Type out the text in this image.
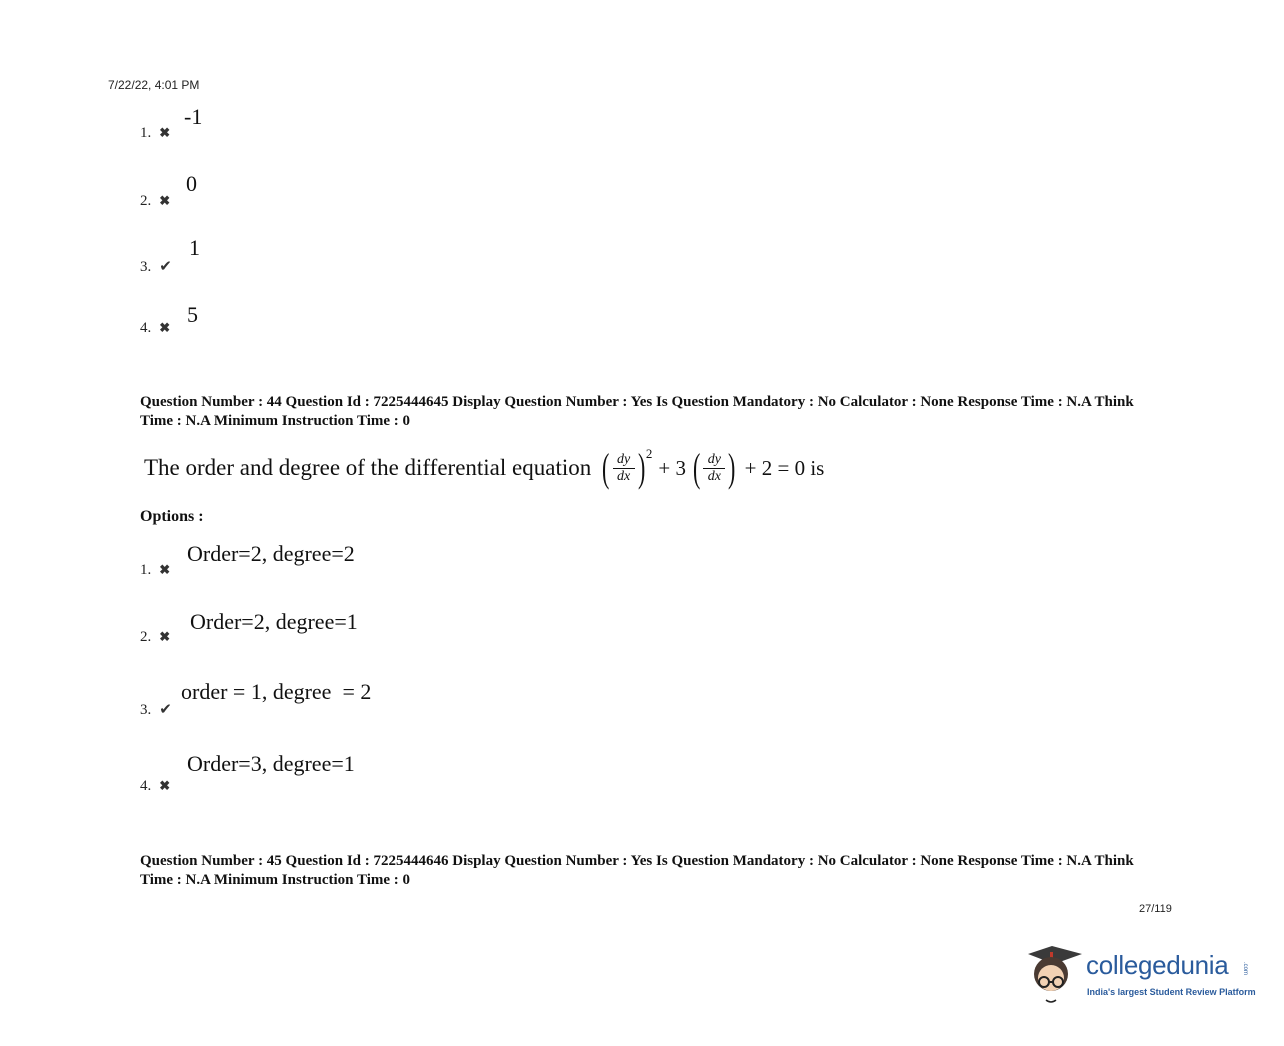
7/22/22, 4:01 PM
1. ✖
-1
2. ✖
0
3. ✔
1
4. ✖
5
Question Number : 44 Question Id : 7225444645 Display Question Number : Yes Is Question Mandatory : No Calculator : None Response Time : N.A Think Time : N.A Minimum Instruction Time : 0
The order and degree of the differential equation ( $\frac{dy}{dx}$ ) 2
+ 3 ( $\frac{dy}{dx}$ ) + 2 = 0 is
Options :
1. ✖
Order=2, degree=2
2. ✖
Order=2, degree=1
3. ✔
order = 1, degree  = 2
4. ✖
Order=3, degree=1
Question Number : 45 Question Id : 7225444646 Display Question Number : Yes Is Question Mandatory : No Calculator : None Response Time : N.A Think Time : N.A Minimum Instruction Time : 0
27/119
collegedunia .com
India's largest Student Review Platform
